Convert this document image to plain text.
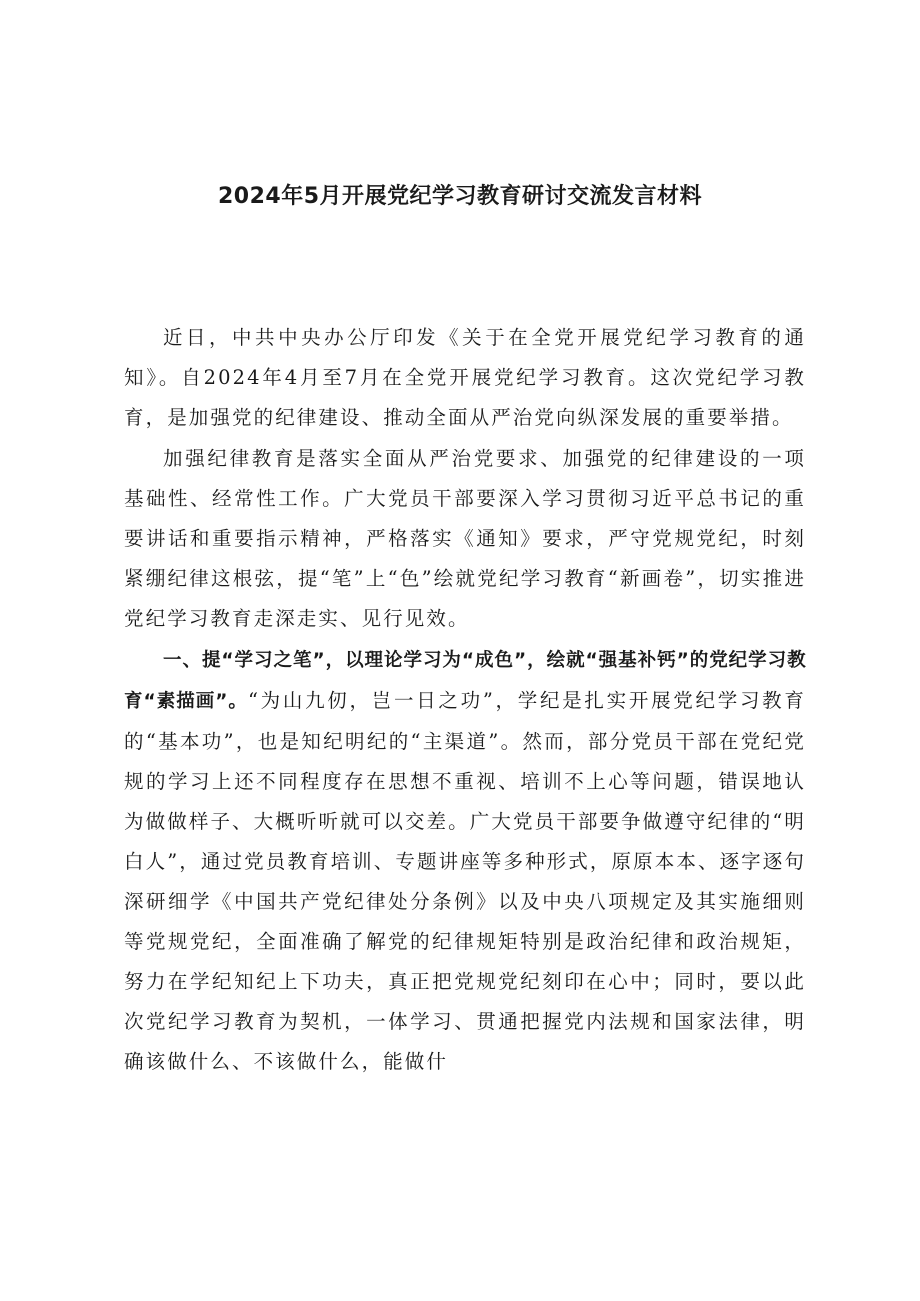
2024年5月开展党纪学习教育研讨交流发言材料

近日，中共中央办公厅印发《关于在全党开展党纪学习教育的通知》。自2024年4月至7月在全党开展党纪学习教育。这次党纪学习教育，是加强党的纪律建设、推动全面从严治党向纵深发展的重要举措。

加强纪律教育是落实全面从严治党要求、加强党的纪律建设的一项基础性、经常性工作。广大党员干部要深入学习贯彻习近平总书记的重要讲话和重要指示精神，严格落实《通知》要求，严守党规党纪，时刻紧绷纪律这根弦，提“笔”上“色”绘就党纪学习教育“新画卷”，切实推进党纪学习教育走深走实、见行见效。

一、提“学习之笔”，以理论学习为“成色”，绘就“强基补钙”的党纪学习教育“素描画”。“为山九仞，岂一日之功”，学纪是扎实开展党纪学习教育的“基本功”，也是知纪明纪的“主渠道”。然而，部分党员干部在党纪党规的学习上还不同程度存在思想不重视、培训不上心等问题，错误地认为做做样子、大概听听就可以交差。广大党员干部要争做遵守纪律的“明白人”，通过党员教育培训、专题讲座等多种形式，原原本本、逐字逐句深研细学《中国共产党纪律处分条例》以及中央八项规定及其实施细则等党规党纪，全面准确了解党的纪律规矩特别是政治纪律和政治规矩，努力在学纪知纪上下功夫，真正把党规党纪刻印在心中；同时，要以此次党纪学习教育为契机，一体学习、贯通把握党内法规和国家法律，明确该做什么、不该做什么，能做什
